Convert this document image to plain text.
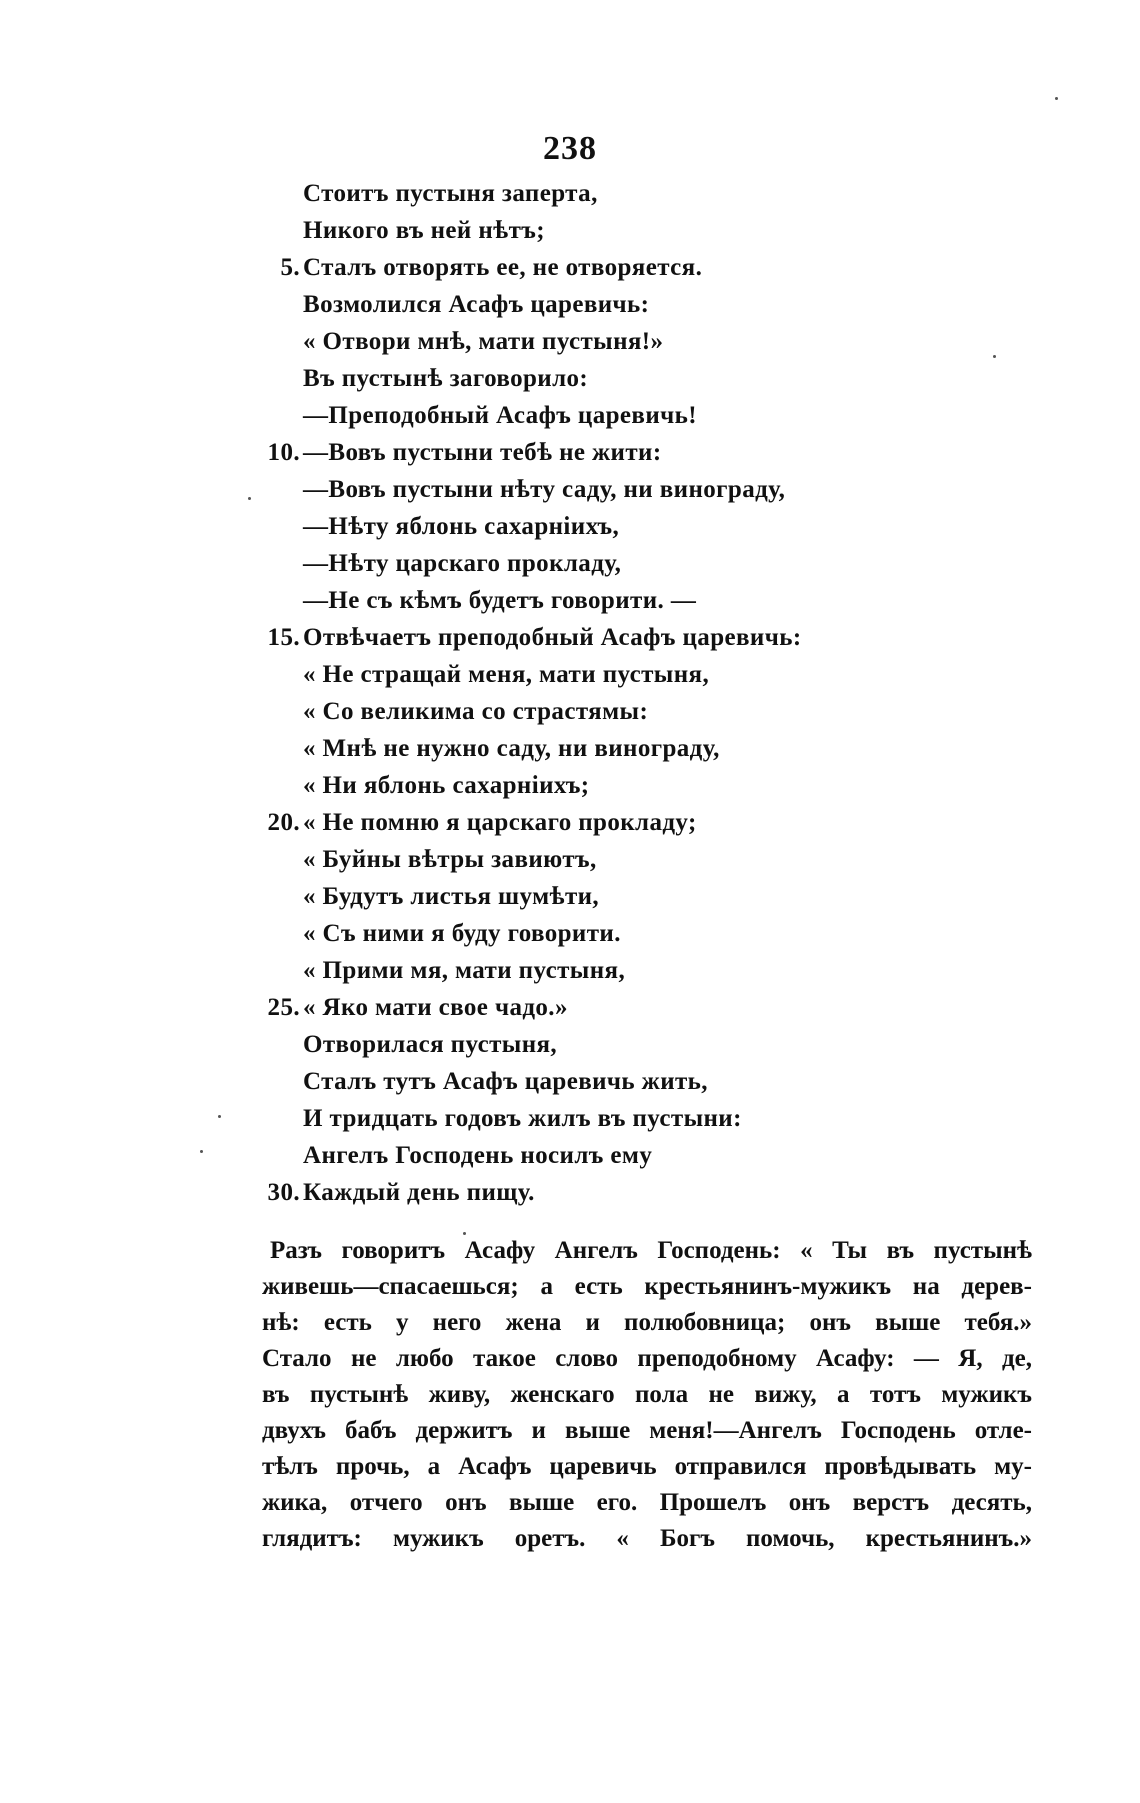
238
Стоитъ пустыня заперта,
Никого въ ней нѣтъ;
5. Сталъ отворять ее, не отворяется.
Возмолился Асафъ царевичь:
« Отвори мнѣ, мати пустыня!»
Въ пустынѣ заговорило:
—Преподобный Асафъ царевичь!
10. —Вовъ пустыни тебѣ не жити:
—Вовъ пустыни нѣту саду, ни винограду,
—Нѣту яблонь сахарніихъ,
—Нѣту царскаго прокладу,
—Не съ кѣмъ будетъ говорити. —
15. Отвѣчаетъ преподобный Асафъ царевичь:
« Не стращай меня, мати пустыня,
« Со великима со страстямы:
« Мнѣ не нужно саду, ни винограду,
« Ни яблонь сахарніихъ;
20. « Не помню я царскаго прокладу;
« Буйны вѣтры завиютъ,
« Будутъ листья шумѣти,
« Съ ними я буду говорити.
« Прими мя, мати пустыня,
25. « Яко мати свое чадо.»
Отворилася пустыня,
Сталъ тутъ Асафъ царевичь жить,
И тридцать годовъ жилъ въ пустыни:
Ангелъ Господень носилъ ему
30. Каждый день пищу.
Разъ говоритъ Асафу Ангелъ Господень: « Ты въ пустынѣ
живешь—спасаешься; а есть крестьянинъ-мужикъ на дерев-
нѣ: есть у него жена и полюбовница; онъ выше тебя.»
Стало не любо такое слово преподобному Асафу: — Я, де,
въ пустынѣ живу, женскаго пола не вижу, а тотъ мужикъ
двухъ бабъ держитъ и выше меня!—Ангелъ Господень отле-
тѣлъ прочь, а Асафъ царевичь отправился провѣдывать му-
жика, отчего онъ выше его. Прошелъ онъ верстъ десять,
глядитъ: мужикъ оретъ. « Богъ помочь, крестьянинъ.»
